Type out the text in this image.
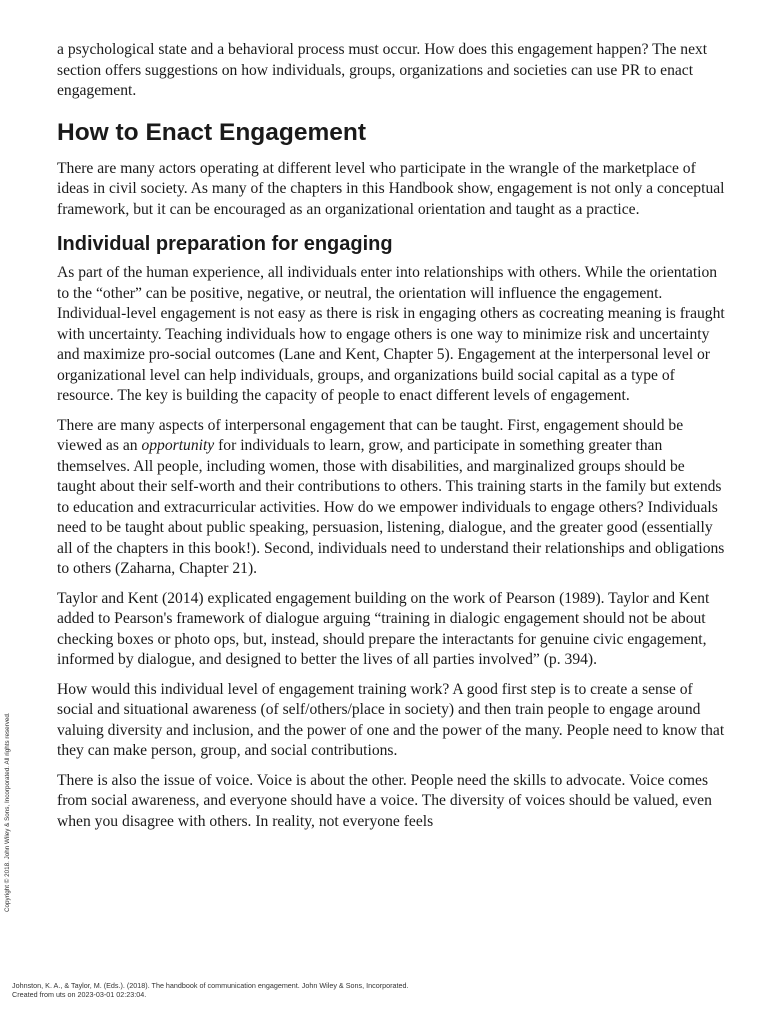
a psychological state and a behavioral process must occur. How does this engagement happen? The next section offers suggestions on how individuals, groups, organizations and societies can use PR to enact engagement.

How to Enact Engagement

There are many actors operating at different level who participate in the wrangle of the marketplace of ideas in civil society. As many of the chapters in this Handbook show, engagement is not only a conceptual framework, but it can be encouraged as an organizational orientation and taught as a practice.

Individual preparation for engaging

As part of the human experience, all individuals enter into relationships with others. While the orientation to the “other” can be positive, negative, or neutral, the orientation will influence the engagement. Individual-level engagement is not easy as there is risk in engaging others as cocreating meaning is fraught with uncertainty. Teaching individuals how to engage others is one way to minimize risk and uncertainty and maximize pro-social outcomes (Lane and Kent, Chapter 5). Engagement at the interpersonal level or organizational level can help individuals, groups, and organizations build social capital as a type of resource. The key is building the capacity of people to enact different levels of engagement.

There are many aspects of interpersonal engagement that can be taught. First, engagement should be viewed as an opportunity for individuals to learn, grow, and participate in something greater than themselves. All people, including women, those with disabilities, and marginalized groups should be taught about their self-worth and their contributions to others. This training starts in the family but extends to education and extracurricular activities. How do we empower individuals to engage others? Individuals need to be taught about public speaking, persuasion, listening, dialogue, and the greater good (essentially all of the chapters in this book!). Second, individuals need to understand their relationships and obligations to others (Zaharna, Chapter 21).

Taylor and Kent (2014) explicated engagement building on the work of Pearson (1989). Taylor and Kent added to Pearson's framework of dialogue arguing “training in dialogic engagement should not be about checking boxes or photo ops, but, instead, should prepare the interactants for genuine civic engagement, informed by dialogue, and designed to better the lives of all parties involved” (p. 394).

How would this individual level of engagement training work? A good first step is to create a sense of social and situational awareness (of self/others/place in society) and then train people to engage around valuing diversity and inclusion, and the power of one and the power of the many. People need to know that they can make person, group, and social contributions.

There is also the issue of voice. Voice is about the other. People need the skills to advocate. Voice comes from social awareness, and everyone should have a voice. The diversity of voices should be valued, even when you disagree with others. In reality, not everyone feels

Copyright © 2018. John Wiley & Sons, Incorporated. All rights reserved.
Johnston, K. A., & Taylor, M. (Eds.). (2018). The handbook of communication engagement. John Wiley & Sons, Incorporated.
Created from uts on 2023-03-01 02:23:04.
